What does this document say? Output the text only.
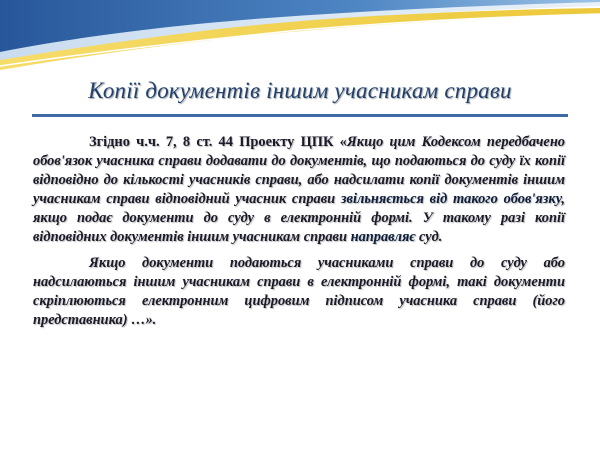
Копії документів іншим учасникам справи

Згідно ч.ч. 7, 8 ст. 44 Проекту ЦПК «Якщо цим Кодексом передбачено обов'язок учасника справи додавати до документів, що подаються до суду їх копії відповідно до кількості учасників справи, або надсилати копії документів іншим учасникам справи відповідний учасник справи звільняється від такого обов'язку, якщо подає документи до суду в електронній формі. У такому разі копії відповідних документів іншим учасникам справи направляє суд.

Якщо документи подаються учасниками справи до суду або надсилаються іншим учасникам справи в електронній формі, такі документи скріплюються електронним цифровим підписом учасника справи (його представника) …».
